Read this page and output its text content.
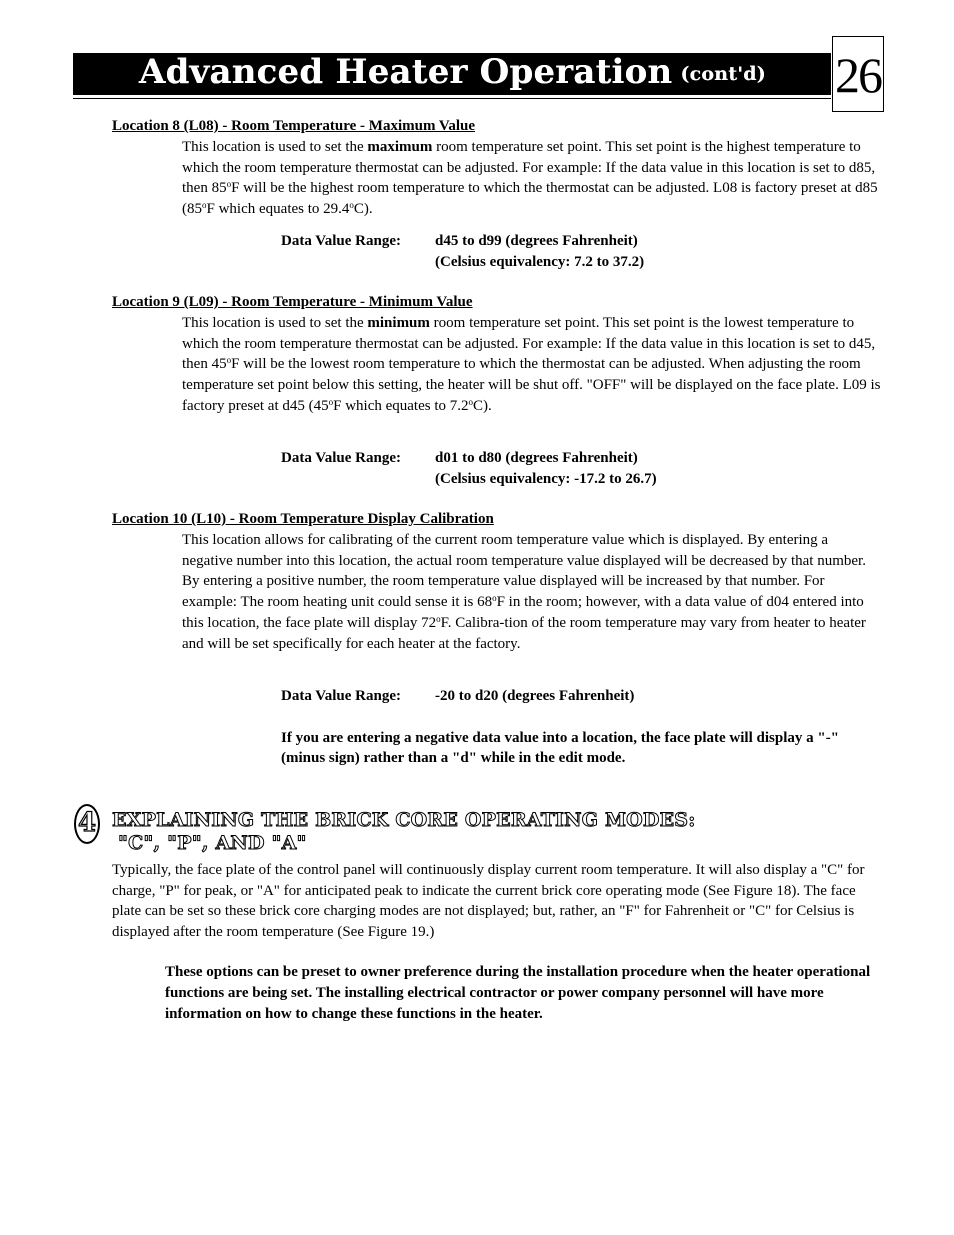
Advanced Heater Operation (cont'd) 26
Location 8 (L08) - Room Temperature - Maximum Value
This location is used to set the maximum room temperature set point. This set point is the highest temperature to which the room temperature thermostat can be adjusted. For example: If the data value in this location is set to d85, then 85$^o$F will be the highest room temperature to which the thermostat can be adjusted. L08 is factory preset at d85 (85$^o$F which equates to 29.4$^o$C).
Data Value Range: d45 to d99 (degrees Fahrenheit)
(Celsius equivalency: 7.2 to 37.2)
Location 9 (L09) - Room Temperature - Minimum Value
This location is used to set the minimum room temperature set point. This set point is the lowest temperature to which the room temperature thermostat can be adjusted. For example: If the data value in this location is set to d45, then 45$^o$F will be the lowest room temperature to which the thermostat can be adjusted. When adjusting the room temperature set point below this setting, the heater will be shut off. "OFF" will be displayed on the face plate. L09 is factory preset at d45 (45$^o$F which equates to 7.2$^o$C).
Data Value Range: d01 to d80 (degrees Fahrenheit)
(Celsius equivalency: -17.2 to 26.7)
Location 10 (L10) - Room Temperature Display Calibration
This location allows for calibrating of the current room temperature value which is displayed. By entering a negative number into this location, the actual room temperature value displayed will be decreased by that number. By entering a positive number, the room temperature value displayed will be increased by that number. For example: The room heating unit could sense it is 68$^o$F in the room; however, with a data value of d04 entered into this location, the face plate will display 72$^o$F. Calibra-tion of the room temperature may vary from heater to heater and will be set specifically for each heater at the factory.
Data Value Range: -20 to d20 (degrees Fahrenheit)
If you are entering a negative data value into a location, the face plate will display a "-" (minus sign) rather than a "d" while in the edit mode.
4 EXPLAINING THE BRICK CORE OPERATING MODES:
"C", "P", AND "A"
Typically, the face plate of the control panel will continuously display current room temperature. It will also display a "C" for charge, "P" for peak, or "A" for anticipated peak to indicate the current brick core operating mode (See Figure 18). The face plate can be set so these brick core charging modes are not displayed; but, rather, an "F" for Fahrenheit or "C" for Celsius is displayed after the room temperature (See Figure 19.)
These options can be preset to owner preference during the installation procedure when the heater operational functions are being set. The installing electrical contractor or power company personnel will have more information on how to change these functions in the heater.
